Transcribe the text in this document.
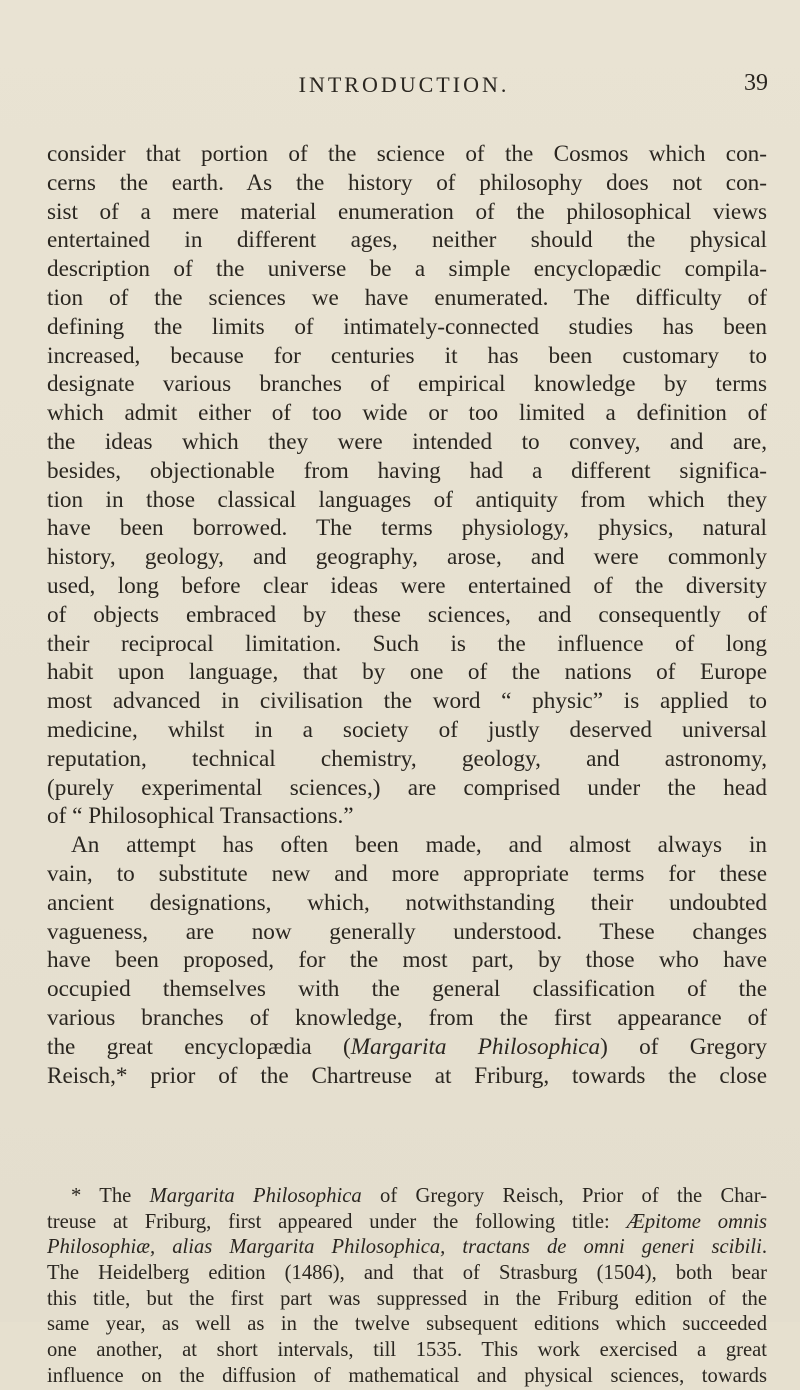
INTRODUCTION.	39
consider that portion of the science of the Cosmos which con-
cerns the earth. As the history of philosophy does not con-
sist of a mere material enumeration of the philosophical views
entertained in different ages, neither should the physical
description of the universe be a simple encyclopædic compila-
tion of the sciences we have enumerated. The difficulty of
defining the limits of intimately-connected studies has been
increased, because for centuries it has been customary to
designate various branches of empirical knowledge by terms
which admit either of too wide or too limited a definition of
the ideas which they were intended to convey, and are,
besides, objectionable from having had a different significa-
tion in those classical languages of antiquity from which they
have been borrowed. The terms physiology, physics, natural
history, geology, and geography, arose, and were commonly
used, long before clear ideas were entertained of the diversity
of objects embraced by these sciences, and consequently of
their reciprocal limitation. Such is the influence of long
habit upon language, that by one of the nations of Europe
most advanced in civilisation the word “ physic” is applied to
medicine, whilst in a society of justly deserved universal
reputation, technical chemistry, geology, and astronomy,
(purely experimental sciences,) are comprised under the head
of “ Philosophical Transactions.”
An attempt has often been made, and almost always in
vain, to substitute new and more appropriate terms for these
ancient designations, which, notwithstanding their undoubted
vagueness, are now generally understood. These changes
have been proposed, for the most part, by those who have
occupied themselves with the general classification of the
various branches of knowledge, from the first appearance of
the great encyclopædia (Margarita Philosophica) of Gregory
Reisch,* prior of the Chartreuse at Friburg, towards the close
* The Margarita Philosophica of Gregory Reisch, Prior of the Char-
treuse at Friburg, first appeared under the following title: Æpitome omnis
Philosophiæ, alias Margarita Philosophica, tractans de omni generi scibili.
The Heidelberg edition (1486), and that of Strasburg (1504), both bear
this title, but the first part was suppressed in the Friburg edition of the
same year, as well as in the twelve subsequent editions which succeeded
one another, at short intervals, till 1535. This work exercised a great
influence on the diffusion of mathematical and physical sciences, towards
